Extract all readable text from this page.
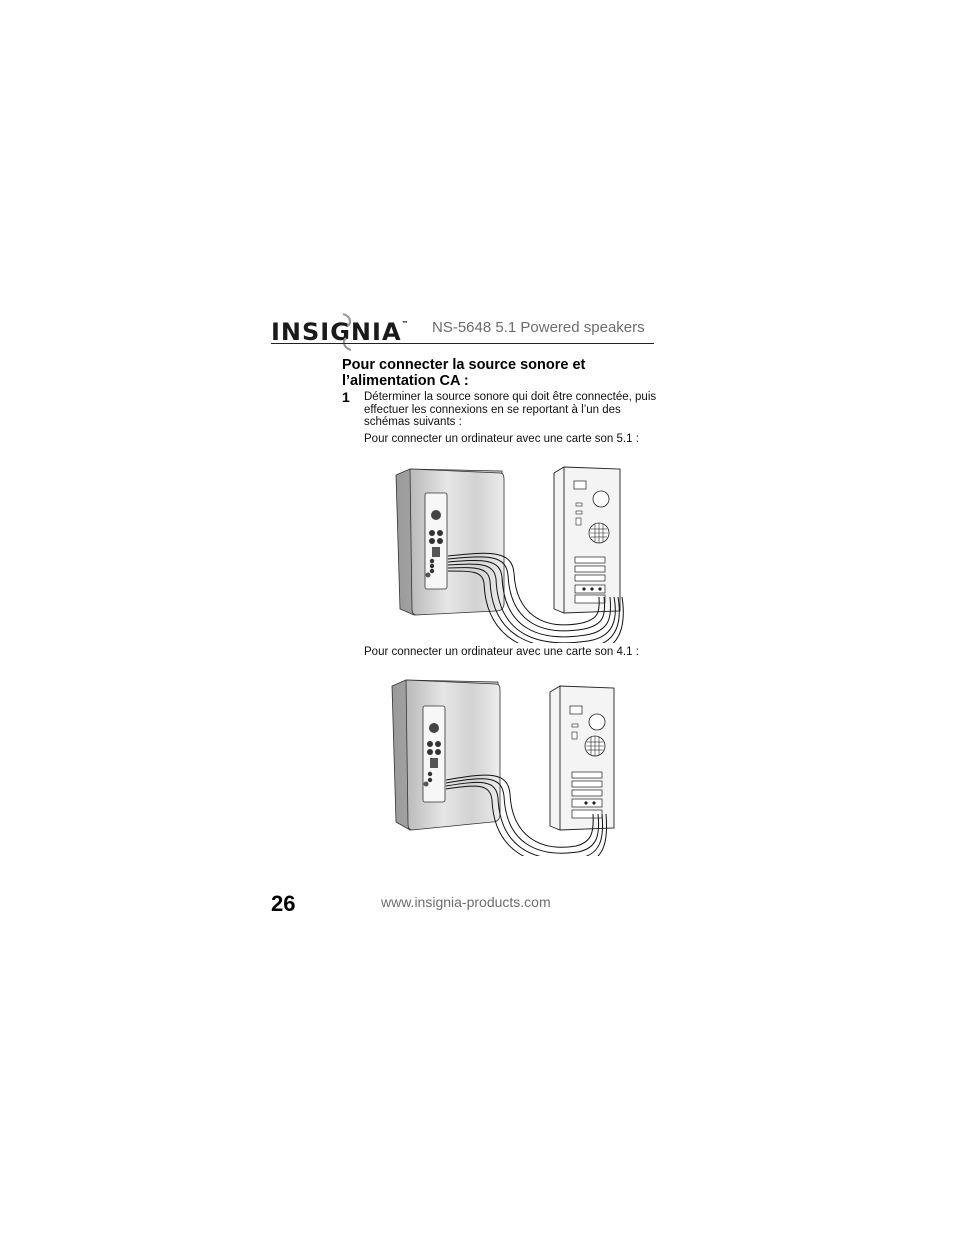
INSIGNIA™ NS-5648 5.1 Powered speakers
Pour connecter la source sonore et l’alimentation CA :
1 Déterminer la source sonore qui doit être connectée, puis effectuer les connexions en se reportant à l’un des schémas suivants :
Pour connecter un ordinateur avec une carte son 5.1 :
Pour connecter un ordinateur avec une carte son 4.1 :
26	www.insignia-products.com
